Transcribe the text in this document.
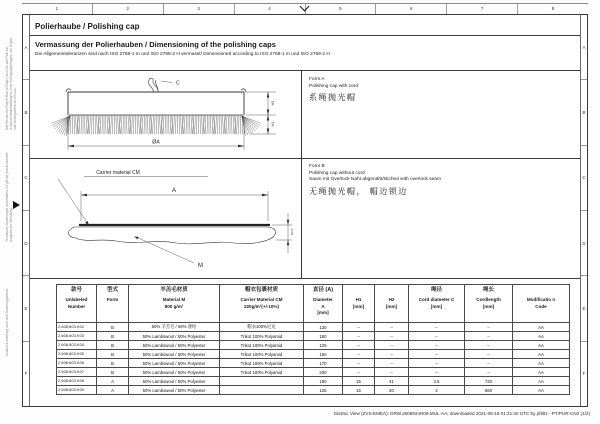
Alle Rechte bei Robert Bosch GmbH, auch für den Fall von Schutzrechtsanmeldungen. Jede Verfügungsbefugnis, wie Kopier- und Weitergaberecht, bei uns.
Technische Änderungen vorbehalten. Es gilt die jeweils aktuelle Ausgabe der Zeichnung.
Ausdruck unterliegt nicht dem Änderungsdienst.
1	2	3	4	5	6	7	8
A
B
C
D
E
F
A
B
C
D
E
F
Polierhaube / Polishing cap
Vermassung der Polierhauben / Dimensioning of the polishing caps
Die Allgemeintoleranzen sind nach ISO 2768-1 m und ISO 2768-2 H vermasst/ Dimensioned according to ISO 2768-1 m und ISO 2768-2 H
C
ØA
H2
H1
Carrier material CM
A
M
10±1
Form A
Polishing cap with cord
系绳抛光帽
Form B
Polishing cap without cord
Saum mit Overlock Naht abgenäht/stiched with overlock seam
无绳抛光帽， 帽边锁边
款号
Unlabeled
Number

型式
Form

羊羔毛材质
Material M
800 g/m²

帽衣包裹材质
Carrier Material CM
220g/m²(+/-10%)

直径 (A)
Diameter
A
[mm]

H1
[mm]

H2
[mm]

绳径
Cord diameter C
[mm]

绳长
Cordlength
[mm]

Modificatio n
Code

2.608.603.K02	B	50% 羊羔毛 / 50% 涤纶	帽衣100%尼龙	130	--	--	--	--	AA
2.608.603.K03	B	50% Lambswool / 50% Polyester	Trikot 100% Polyamid	160	--	--	--	--	AA
2.608.603.K04	B	50% Lambswool / 50% Polyester	Trikot 100% Polyamid	125	--	--	--	--	AA
2.608.603.K05	B	50% Lambswool / 50% Polyester	Trikot 100% Polyamid	150	--	--	--	--	AA
2.608.603.K06	B	50% Lambswool / 50% Polyester	Trikot 100% Polyamid	170	--	--	--	--	AA
2.608.603.K07	B	50% Lambswool / 50% Polyester	Trikot 100% Polyamid	200	--	--	--	--	AA
2.608.603.K08	A	50% Lambswool / 50% Polyester		180	15	41	3.5	720	AA
2.608.603.K09	A	50% Lambswool / 50% Polyester		125	15	20	2	560	AA
GisDoc View (ZVS-EMEA): DRW.2608924H09-MUL-AA, downloaded 2021-08-19 01:31:40 UTC by pf6ltz - PT/PUR-CN2 (1/2)
